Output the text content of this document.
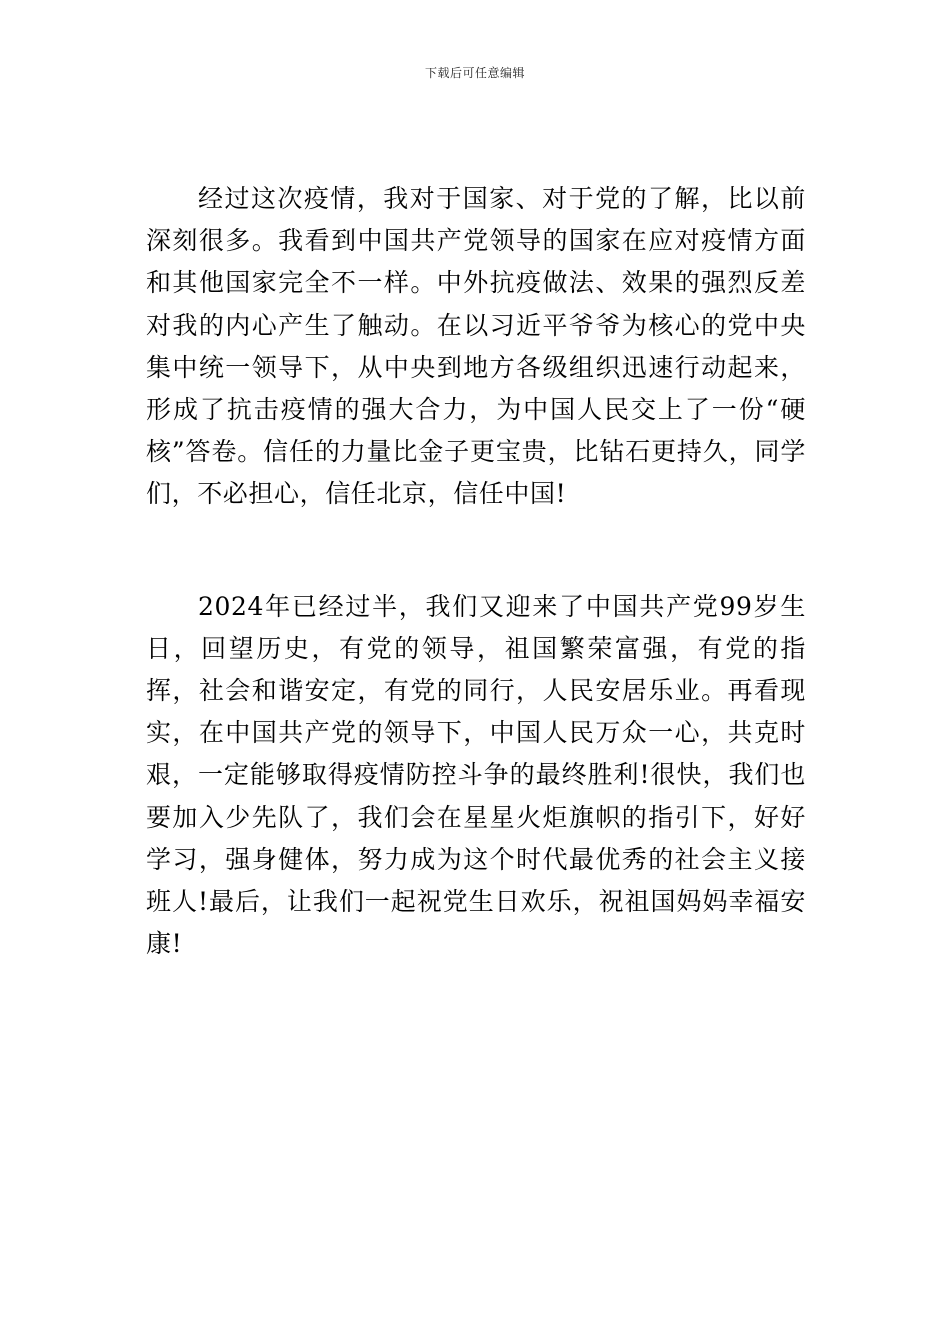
下载后可任意编辑

经过这次疫情，我对于国家、对于党的了解，比以前深刻很多。我看到中国共产党领导的国家在应对疫情方面和其他国家完全不一样。中外抗疫做法、效果的强烈反差对我的内心产生了触动。在以习近平爷爷为核心的党中央集中统一领导下，从中央到地方各级组织迅速行动起来，形成了抗击疫情的强大合力，为中国人民交上了一份“硬核”答卷。信任的力量比金子更宝贵，比钻石更持久，同学们，不必担心，信任北京，信任中国!

2024年已经过半，我们又迎来了中国共产党99岁生日，回望历史，有党的领导，祖国繁荣富强，有党的指挥，社会和谐安定，有党的同行，人民安居乐业。再看现实，在中国共产党的领导下，中国人民万众一心，共克时艰，一定能够取得疫情防控斗争的最终胜利!很快，我们也要加入少先队了，我们会在星星火炬旗帜的指引下，好好学习，强身健体，努力成为这个时代最优秀的社会主义接班人!最后，让我们一起祝党生日欢乐，祝祖国妈妈幸福安康!
